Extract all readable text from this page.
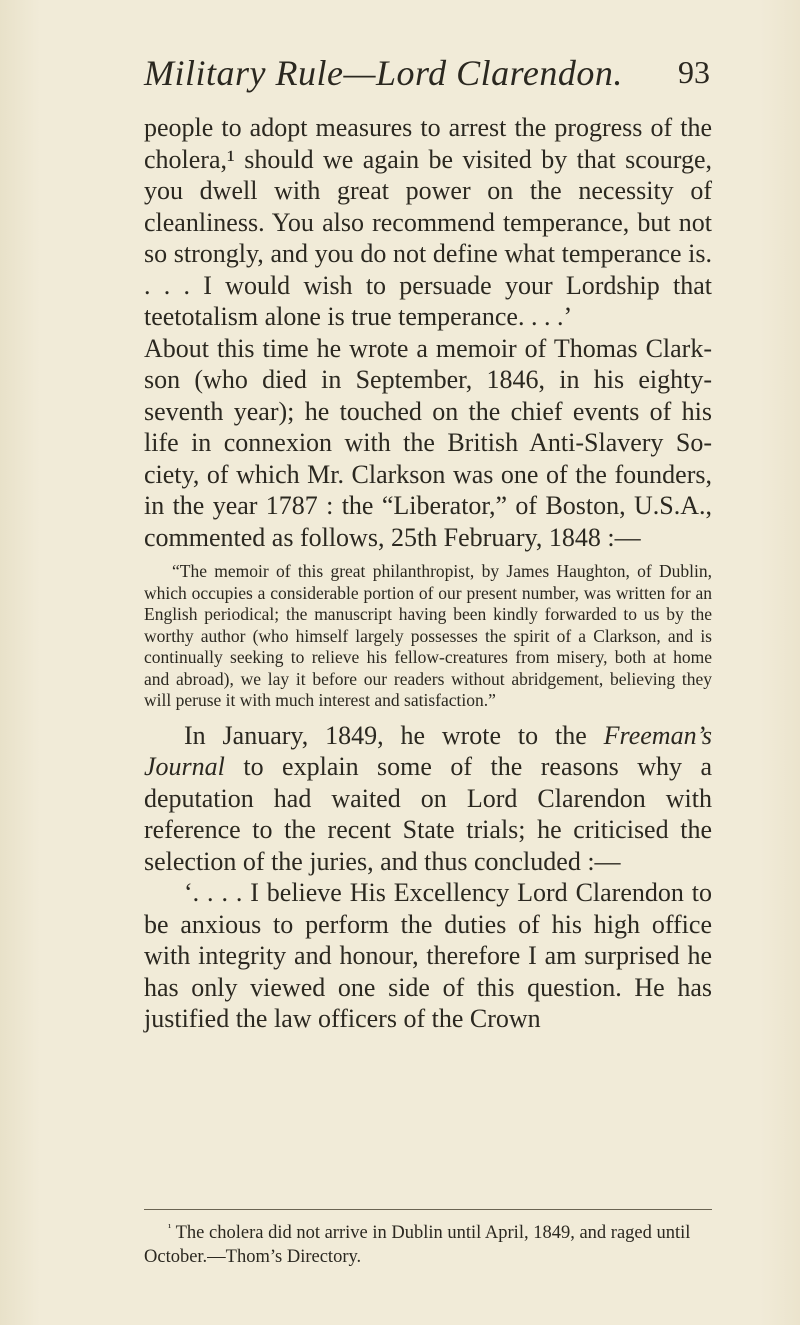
Military Rule—Lord Clarendon. 93

people to adopt measures to arrest the progress of the cholera,¹ should we again be visited by that scourge, you dwell with great power on the necessity of cleanliness. You also recommend temperance, but not so strongly, and you do not define what temperance is. . . . I would wish to persuade your Lordship that teetotalism alone is true temperance. . . .’

About this time he wrote a memoir of Thomas Clarkson (who died in September, 1846, in his eighty-seventh year); he touched on the chief events of his life in connexion with the British Anti-Slavery Society, of which Mr. Clarkson was one of the founders, in the year 1787 : the “Liberator,” of Boston, U.S.A., commented as follows, 25th February, 1848 :—

“The memoir of this great philanthropist, by James Haughton, of Dublin, which occupies a considerable portion of our present number, was written for an English periodical; the manuscript having been kindly forwarded to us by the worthy author (who himself largely possesses the spirit of a Clarkson, and is continually seeking to relieve his fellow-creatures from misery, both at home and abroad), we lay it before our readers without abridgement, believing they will peruse it with much interest and satisfaction.”

In January, 1849, he wrote to the Freeman’s Journal to explain some of the reasons why a deputation had waited on Lord Clarendon with reference to the recent State trials; he criticised the selection of the juries, and thus concluded :—

‘. . . . I believe His Excellency Lord Clarendon to be anxious to perform the duties of his high office with integrity and honour, therefore I am surprised he has only viewed one side of this question. He has justified the law officers of the Crown

$^{^1}$ The cholera did not arrive in Dublin until April, 1849, and raged until October.—Thom’s Directory.
